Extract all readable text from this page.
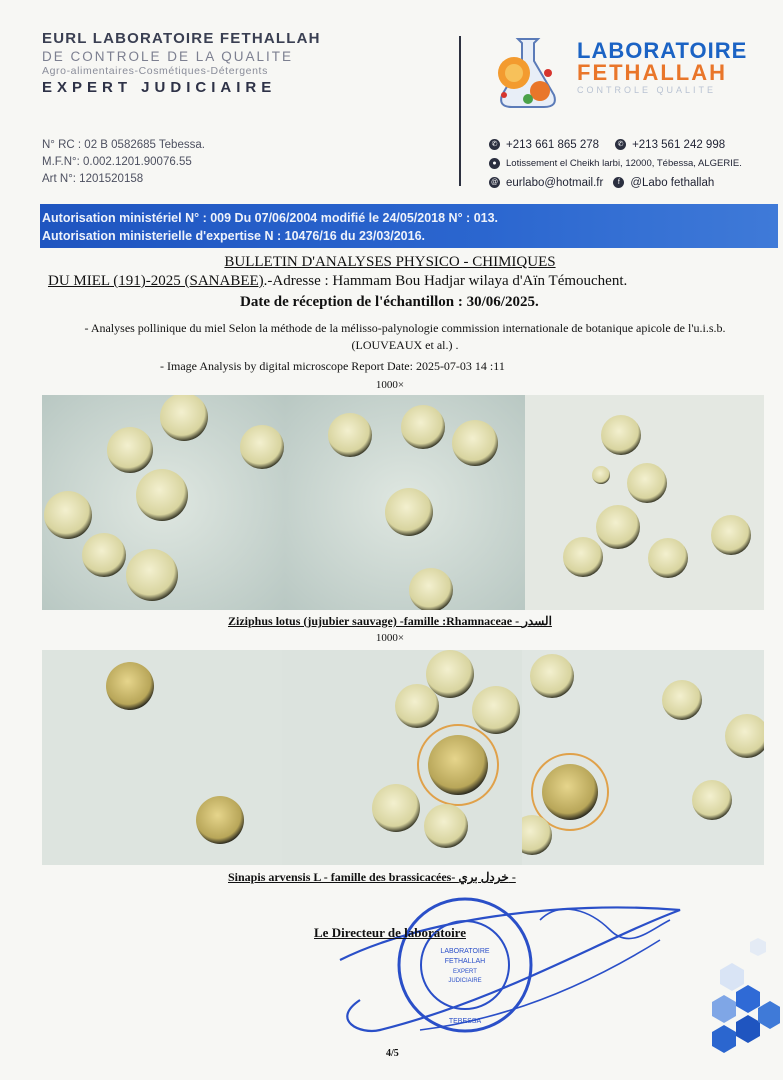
EURL LABORATOIRE FETHALLAH
DE CONTROLE DE LA QUALITE
Agro-alimentaires-Cosmétiques-Détergents
EXPERT JUDICIAIRE
N° RC : 02 B 0582685 Tebessa.
M.F.N°: 0.002.1201.90076.55
Art N°: 1201520158
LABORATOIRE
FETHALLAH
CONTROLE QUALITE
✆ +213 661 865 278	✆ +213 561 242 998
● Lotissement el Cheikh larbi, 12000, Tébessa, ALGERIE.
@ eurlabo@hotmail.fr	f @Labo fethallah
Autorisation ministériel N° : 009 Du 07/06/2004 modifié le 24/05/2018 N° : 013.
Autorisation ministerielle d'expertise N : 10476/16 du 23/03/2016.
BULLETIN D'ANALYSES PHYSICO - CHIMIQUES
DU MIEL (191)-2025 (SANABEE).-Adresse : Hammam Bou Hadjar wilaya d'Aïn Témouchent.
Date de réception de l'échantillon : 30/06/2025.
- Analyses pollinique du miel Selon la méthode de la mélisso-palynologie commission internationale de botanique apicole de l'u.i.s.b. (LOUVEAUX et al.) .
- Image Analysis by digital microscope Report Date: 2025-07-03 14 :11
1000×
Ziziphus lotus (jujubier sauvage) -famille :Rhamnaceae - السدر
1000×
Sinapis arvensis L - famille des brassicacées- خردل بري -
LABORATOIRE
FETHALLAH
EXPERT
JUDICIAIRE
TEBESSA
Le Directeur de laboratoire
4/5
